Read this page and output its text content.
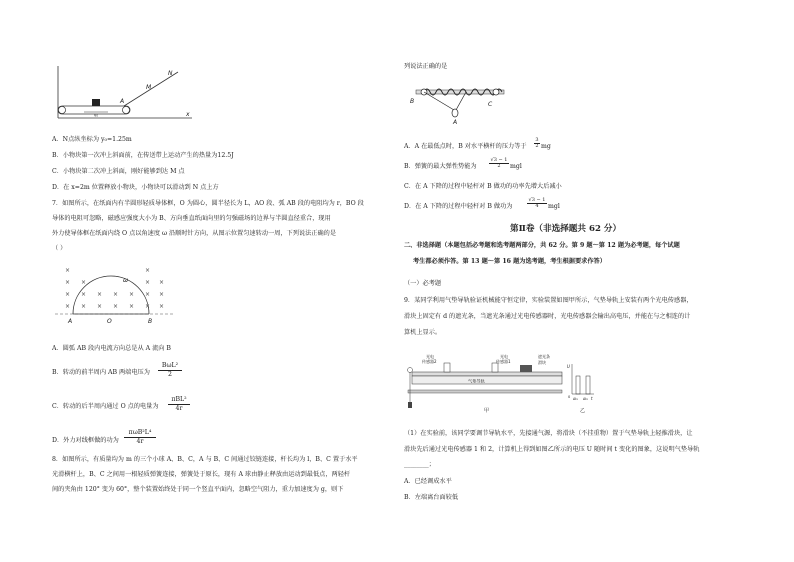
v₀
A
M
N
x
A．N点纵坐标为 y₀=1.25m
B．小物块第一次冲上斜面前，在传送带上运动产生的热量为12.5J
C．小物块第二次冲上斜面，刚好能够到达 M 点
D．在 x=2m 位置释放小物块，小物块可以滑动到 N 点上方
7．如图所示，在纸面内有半圆形轻质导体框，O 为圆心，圆半径长为 L，AO 段、弧 AB 段的电阻均为 r，BO 段
导体的电阻可忽略，磁感应强度大小为 B、方向垂直纸面向里的匀强磁场的边界与半圆直径重合，现用
外力使导体框在纸面内绕 O 点以角速度 ω 沿顺时针方向，从图示位置匀速转动一周，下列说法正确的是
（ ）
×
×
×
×
×
×
×
×
×
×
×
×
×
×
×
×
×
×
×
×
ω
A	O	B
A．圆弧 AB 段内电流方向总是从 A 流向 B
B．转动的前半周内 AB 两端电压为
BωL²
2
C．转动的后半周内通过 O 点的电量为
πBL²
4r
D．外力对线框做的功为
πωB²L⁴
4r
8．如图所示，有质量均为 m 的三个小球 A、B、C，A 与 B、C 间通过铰链连接，杆长均为 l，B、C 置于水平
光滑横杆上，B、C 之间用一根轻质弹簧连接，弹簧处于原长，现有 A 球由静止释放由运动到最低点，两轻杆
间的夹角由 120° 变为 60°，整个装置始终处于同一个竖直平面内，忽略空气阻力，重力加速度为 g，则下
列说法正确的是
B	C
A
A．A 在最低点时，B 对水平横杆的压力等于
3
2 mg
B．弹簧的最大弹性势能为
√3 − 1
2	mgl
C．在 A 下降的过程中轻杆对 B 做功的功率先增大后减小
D．在 A 下降的过程中轻杆对 B 做功为
√3 − 1
4	mgl
第Ⅱ卷（非选择题共 62 分）
二、非选择题（本题包括必考题和选考题两部分，共 62 分。第 9 题～第 12 题为必考题，每个试题
考生都必须作答。第 13 题～第 16 题为选考题，考生根据要求作答）
（一）必考题
9．某同学利用气垫导轨验证机械能守恒定律，实验装置如图甲所示，气垫导轨上安装有两个光电传感器，
滑块上固定有 d 的遮光条，当遮光条通过光电传感器时，光电传感器会输出高电压，并能在与之相连的计
算机上显示。
气垫导轨
光电
传感器2
光电
传感器1
遮光条
滑块
甲
U
t
0 Δt₁ Δt₂
乙
（1）在实验前，该同学要调节导轨水平，先接通气源，将滑块（不挂重物）置于气垫导轨上轻推滑块，让
滑块先后通过光电传感器 1 和 2，计算机上得到如图乙所示的电压 U 随时间 t 变化的图象，这说明气垫导轨
________；
A．已经调成水平
B．左端离台面较低
